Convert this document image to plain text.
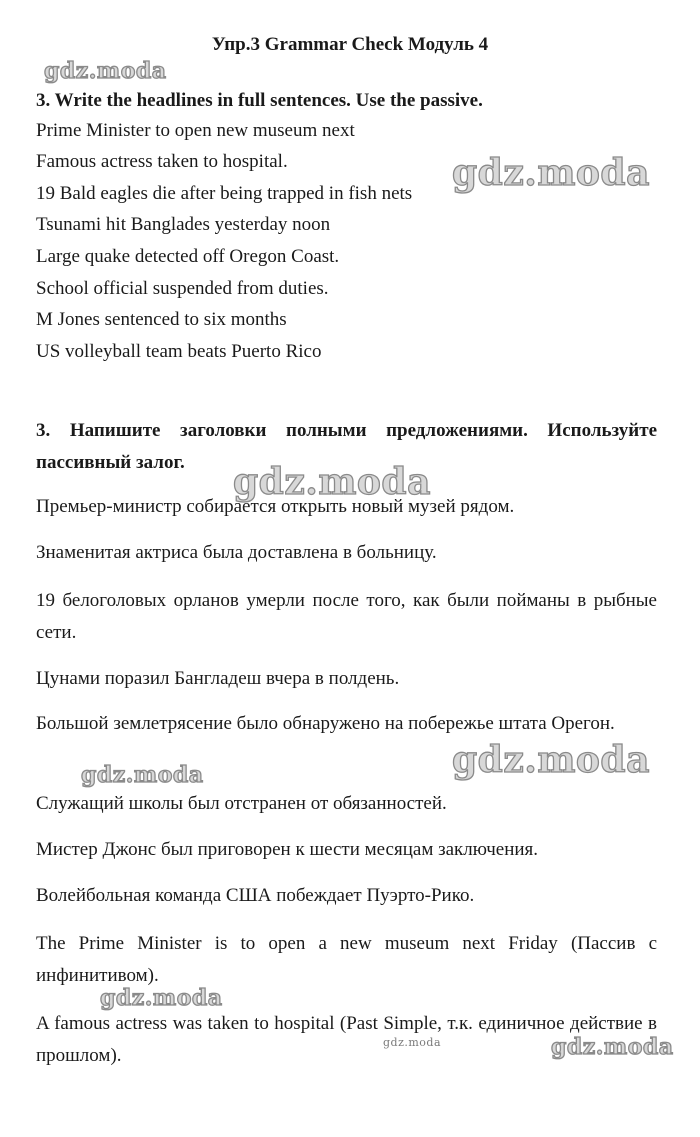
Упр.3 Grammar Check Модуль 4

3. Write the headlines in full sentences. Use the passive.

Prime Minister to open new museum next

Famous actress taken to hospital.

19 Bald eagles die after being trapped in fish nets

Tsunami hit Banglades yesterday noon

Large quake detected off Oregon Coast.

School official suspended from duties.

M Jones sentenced to six months

US volleyball team beats Puerto Rico

3. Напишите заголовки полными предложениями. Используйте пассивный залог.

Премьер-министр собирается открыть новый музей рядом.

Знаменитая актриса была доставлена в больницу.

19 белоголовых орланов умерли после того, как были пойманы в рыбные сети.

Цунами поразил Бангладеш вчера в полдень.

Большой землетрясение было обнаружено на побережье штата Орегон.

Служащий школы был отстранен от обязанностей.

Мистер Джонс был приговорен к шести месяцам заключения.

Волейбольная команда США побеждает Пуэрто-Рико.

The Prime Minister is to open a new museum next Friday (Пассив с инфинитивом).

A famous actress was taken to hospital (Past Simple, т.к. единичное действие в прошлом).

gdz.moda
gdz.moda
gdz.moda
gdz.moda
gdz.moda
gdz.moda
gdz.moda	gdz.moda
